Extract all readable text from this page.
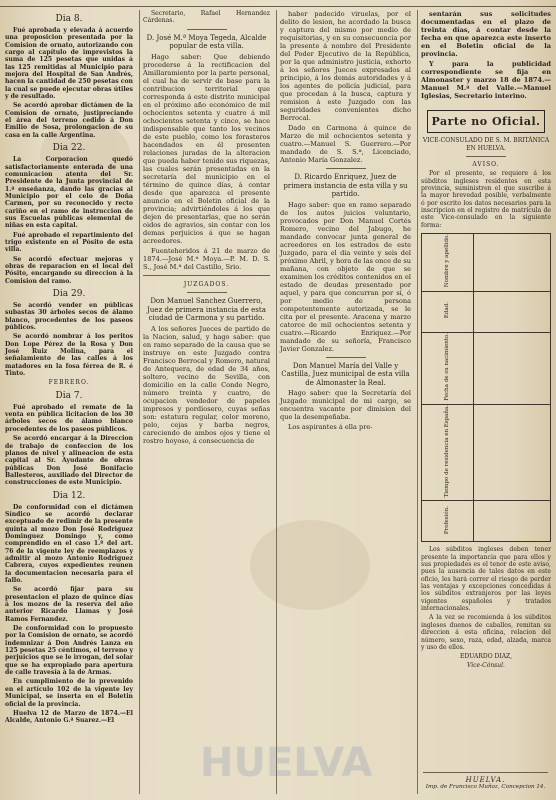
HUELVA
Dia 8.

Fué aprobada y elevada á acuerdo una proposicion presentada por la Comision de ornato, autorizando con cargo al capítulo de imprevistos la suma de 125 pesetas que unidas á las 125 remitidas al Municipio para mejora del Hospital de San Andrés, hacen la cantidad de 250 pesetas con la cual se puede ejecutar obras útiles y de resultado.

Se acordó aprobar dictámen de la Comision de ornato, justipreciando el área del terreno cedido á Don Emilio de Sosa, prolongacion de su casa en la calle Argentina.

Dia 22.

La Corporacion quedó satisfactoriamente enterada de una comunicacion atenta del Sr. Presidente de la Junta provincial de 1.ª enseñanza, dando las gracias al Municipio por el celo de Doña Carmen, por su reconocido y recto cariño en el ramo de instruccion de sus Escuelas públicas elemental de niñas en esta capital.

Fué aprobado el repartimiento del trigo existente en el Pósito de esta villa.

Se acordó efectuar mejoras y obras de reparacion en el local del Pósito, encargando su direccion á la Comision del ramo.

Dia 29.

Se acordó vender en públicas subastas 30 árboles secos de álamo blanco, procedentes de los paseos públicos.

Se acordó nombrar á los peritos Don Lope Pérez de la Rosa y Don José Ruiz Molina, para el señalamiento de las calles á los matadores en la fosa férrea de R. é Tinto.

FEBRERO.
Dia 7.

Fué aprobado el remate de la venta en pública licitacion de los 30 árboles secos de álamo blanco procedentes de los paseos públicos.

Se acordó encargar á la Direccion de trabajo de confeccion de los planos de nivel y alineacion de esta capital al Sr. Ayudante de obras públicas Don José Bonifacio Ballesteros, auxiliado del Director de construcciones de este Municipio.

Dia 12.

De conformidad con el dictámen Síndico se acordó declarar exceptuado de redimir de la presente quinta al mozo Don José Rodriguez Dominguez Domingo y, como comprendido en el caso 1.º del art. 76 de la vigente ley de reemplazos y admitir al mozo Antonio Rodriguez Cabrera, cuyos expedientes reunen la documentacion necesaria para el fallo.

Se acordó fijar para su presentacion el plazo de quince días á los mozos de la reserva del año anterior Ricardo Llamas y José Ramos Fernandez.

De conformidad con lo propuesto por la Comision de ornato, se acordó indemnizar á Don Andrés Lanza en 125 pesetas 25 céntimos, el terreno y perjuicios que se le irrogan, del solar que se ha expropiado para apertura de calle travesía á la de Armas.

En cumplimiento de lo prevenido en el artículo 102 de la vigente ley Municipal, se inserta en el Boletin oficial de la provincia.

Huelva 12 de Marzo de 1874.—El Alcalde, Antonio G.ª Suarez.—El

Secretario, Rafael Hernandez Cárdenas.

D. José M.ª Moya Tegeda, Alcalde popular de esta villa.

Hago saber: Que debiendo procederse á la rectificacion del Amillaramiento por la parte personal, el cual ha de servir de base para la contribucion territorial que corresponda á este distrito municipal en el próximo año económico de mil ochocientos setenta y cuatro á mil ochocientos setenta y cinco, se hace indispensable que tanto los vecinos de este pueblo, como los forasteros hacendados en él presenten relaciones juradas de la alteracion que pueda haber tenido sus riquezas, las cuales serán presentadas en la secretaría del municipio en el término de quince días, á contar desde que aparezca el presente anuncio en el Boletin oficial de la provincia; advirtiéndoles á los que dejen de presentarlas, que no serán oidos de agravios, sin contar con los demas perjuicios á que se hagan acreedores.

Fuenteheridos á 21 de marzo de 1874.—José M.ª Moya.—P. M. D. S. S., José M.ª del Castillo, Srio.

JUZGADOS.

Don Manuel Sanchez Guerrero, Juez de primera instancia de esta ciudad de Carmona y su partido.

A los señores Jueces de partido de la Nacion, salud, y hago saber: que en ramo separado de la causa que se instruye en este Juzgado contra Francisco Berrocal y Romero, natural de Antequera, de edad de 34 años, soltero, vecino de Sevilla, con domicilio en la calle Conde Negro, número treinta y cuatro, de ocupacion vendedor de papeles impresos y pordiosero, cuyas señas son: estatura regular, color moreno, pelo, cejas y barba negros, careciendo de ambos ojos y tiene el rostro hoyoso, á consecuencia de

haber padecido viruelas, por el delito de lesion, he acordado la busca y captura del mismo por medio de requisitorias, y en su consecuencia por la presente á nombre del Presidente del Poder Ejecutivo de la República, por la que administro justicia, exhorto á los señores Jueces expresados al principio, á los demás autoridades y á los agentes de policía judicial, para que procedan á la busca, captura y remision á este Juzgado con las seguridades convenientes dicho Berrocal.

Dado en Carmona á quince de Marzo de mil ochocientos setenta y cuatro.—Manuel S. Guerrero.—Por mandado de S. S.ª, Licenciado, Antonio María Gonzalez.

D. Ricardo Enriquez, Juez de primera instancia de esta villa y su partido.

Hago saber: que en ramo separado de los autos juicios voluntario, provocados por Don Manuel Cortés Romero, vecino del Jabugo, he mandado convocar junta general de acreedores en los estrados de este Juzgado, para el dia veinte y seis del próximo Abril, y hora de las once de su mañana, con objeto de que se examinen los créditos contenidos en el estado de deudas presentado por aquel, y para que concurran por sí, ó por medio de persona competentemente autorizada, se le cita por el presente. Aracena y marzo catorce de mil ochocientos setenta y cuatro.—Ricardo Enriquez.—Por mandado de su señoría, Francisco Javier Gonzalez.

Don Manuel María del Valle y Castilla, Juez municipal de esta villa de Almonaster la Real.

Hago saber: que la Secretaría del Juzgado municipal de mi cargo, se encuentra vacante por dimision del que la desempeñaba.

Los aspirantes á ella pre-

sentarán sus solicitudes documentadas en el plazo de treinta días, á contar desde la fecha en que aparezca este inserto en el Boletin oficial de la provincia.

Y para la publicidad correspondiente se fija en Almonaster y marzo 18 de 1874.—Manuel M.ª del Valle.—Manuel Iglesias, Secretario interino.

Parte no Oficial.
VICE-CONSULADO DE S. M. BRITÁNICA EN HUELVA.
AVISO.

Por el presente, se requiere á los súbditos ingleses residentes en esta provincia, suministren el que suscribe á la mayor brevedad posible, verbalmente ó por escrito los datos necesarios para la inscripcion en el registro de matrícula de este Vice-consulado en la siguiente forma:

Nombre y apellido.	
Edad.	
Fecha de su nacimiento.	
Tiempo de residencia en España.	
Profesión.	

Los súbditos ingleses deben tener presente la importancia que para ellos y sus propiedades es el tenor de este aviso, pues la ausencia de tales datos en este oficio, les hará correr el riesgo de perder las ventajas y excepciones concedidas á los súbditos extranjeros por las leyes vigentes españoles y tratados internacionales.

A la vez se recomienda á los súbditos ingleses duenos de caballos, remitan su direccion á esta oficina, relacion del número, sexo, raza, edad, alzada, marca y uso de ellos.

EDUARDO DIAZ,

Vice-Cónsul.

HUELVA.
Imp. de Francisco Muñoz, Concepcion 14.
